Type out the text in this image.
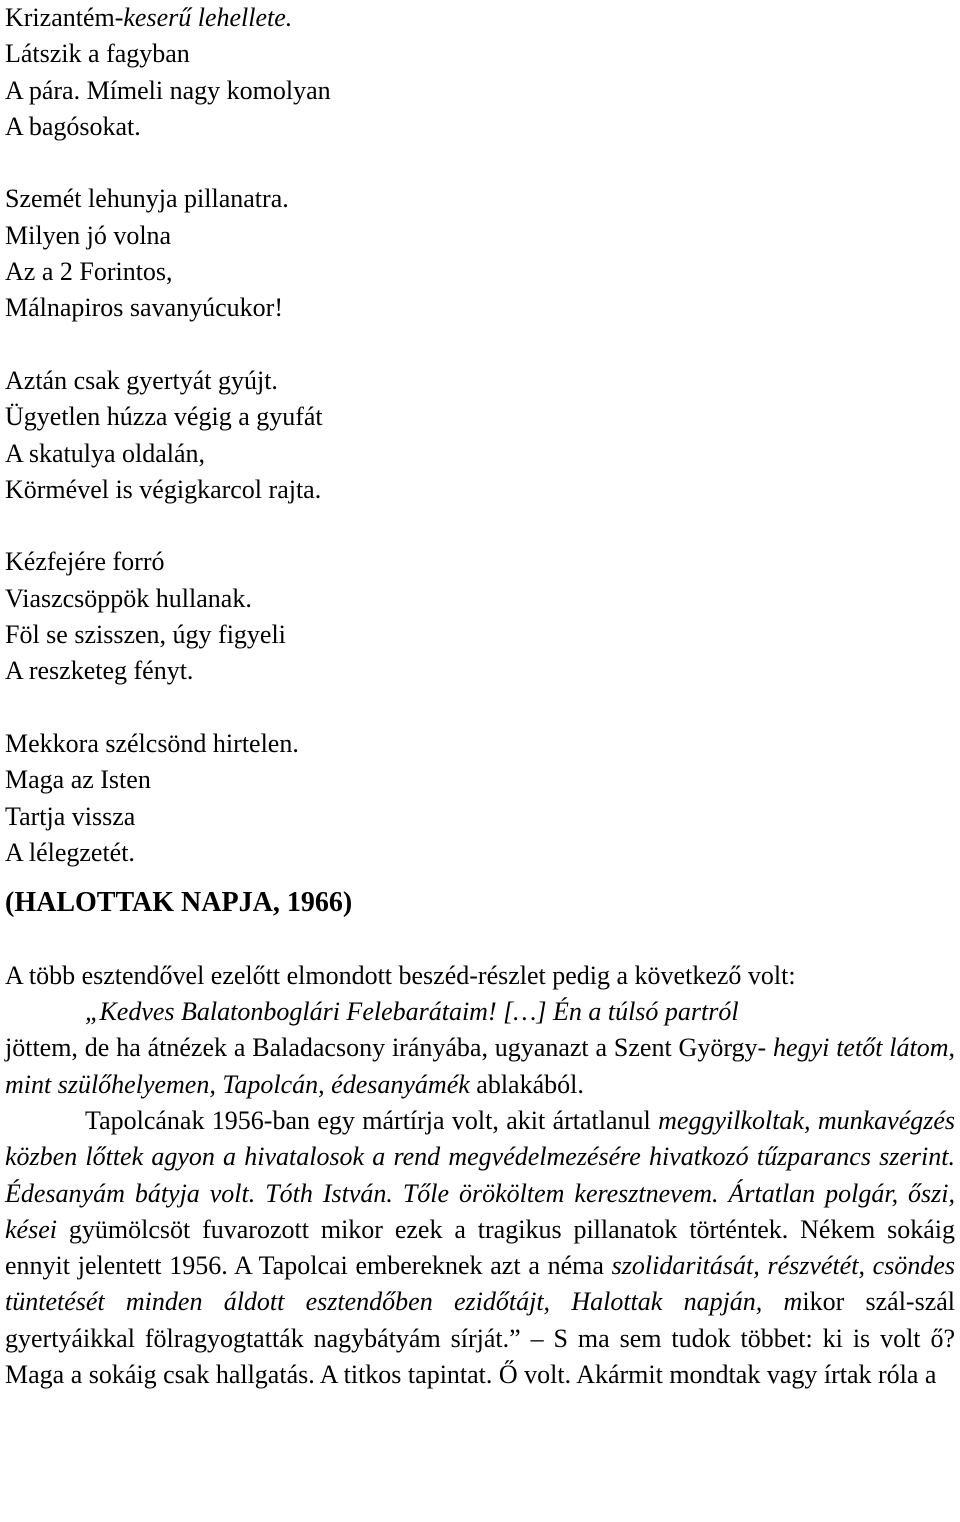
Krizantém-keserű lehellete.
Látszik a fagyban
A pára. Mímeli nagy komolyan
A bagósokat.
Szemét lehunyja pillanatra.
Milyen jó volna
Az a 2 Forintos,
Málnapiros savanyúcukor!
Aztán csak gyertyát gyújt.
Ügyetlen húzza végig a gyufát
A skatulya oldalán,
Körmével is végigkarcol rajta.
Kézfejére forró
Viaszcsöppök hullanak.
Föl se szisszen, úgy figyeli
A reszketeg fényt.
Mekkora szélcsönd hirtelen.
Maga az Isten
Tartja vissza
A lélegzetét.
(HALOTTAK NAPJA, 1966)

A több esztendővel ezelőtt elmondott beszéd-részlet pedig a következő volt:

„Kedves Balatonboglári Felebarátaim! […] Én a túlsó partról
jöttem, de ha átnézek a Baladacsony irányába, ugyanazt a Szent György- hegyi tetőt látom, mint szülőhelyemen, Tapolcán, édesanyámék ablakából.

Tapolcának 1956-ban egy mártírja volt, akit ártatlanul meggyilkoltak, munkavégzés közben lőttek agyon a hivatalosok a rend megvédelmezésére hivatkozó tűzparancs szerint. Édesanyám bátyja volt. Tóth István. Tőle örököltem keresztnevem. Ártatlan polgár, őszi, kései gyümölcsöt fuvarozott mikor ezek a tragikus pillanatok történtek. Nékem sokáig ennyit jelentett 1956. A Tapolcai embereknek azt a néma szolidaritását, részvétét, csöndes tüntetését minden áldott esztendőben ezidőtájt, Halottak napján, mikor szál-szál gyertyáikkal fölragyogtatták nagybátyám sírját.” – S ma sem tudok többet: ki is volt ő? Maga a sokáig csak hallgatás. A titkos tapintat. Ő volt. Akármit mondtak vagy írtak róla a
